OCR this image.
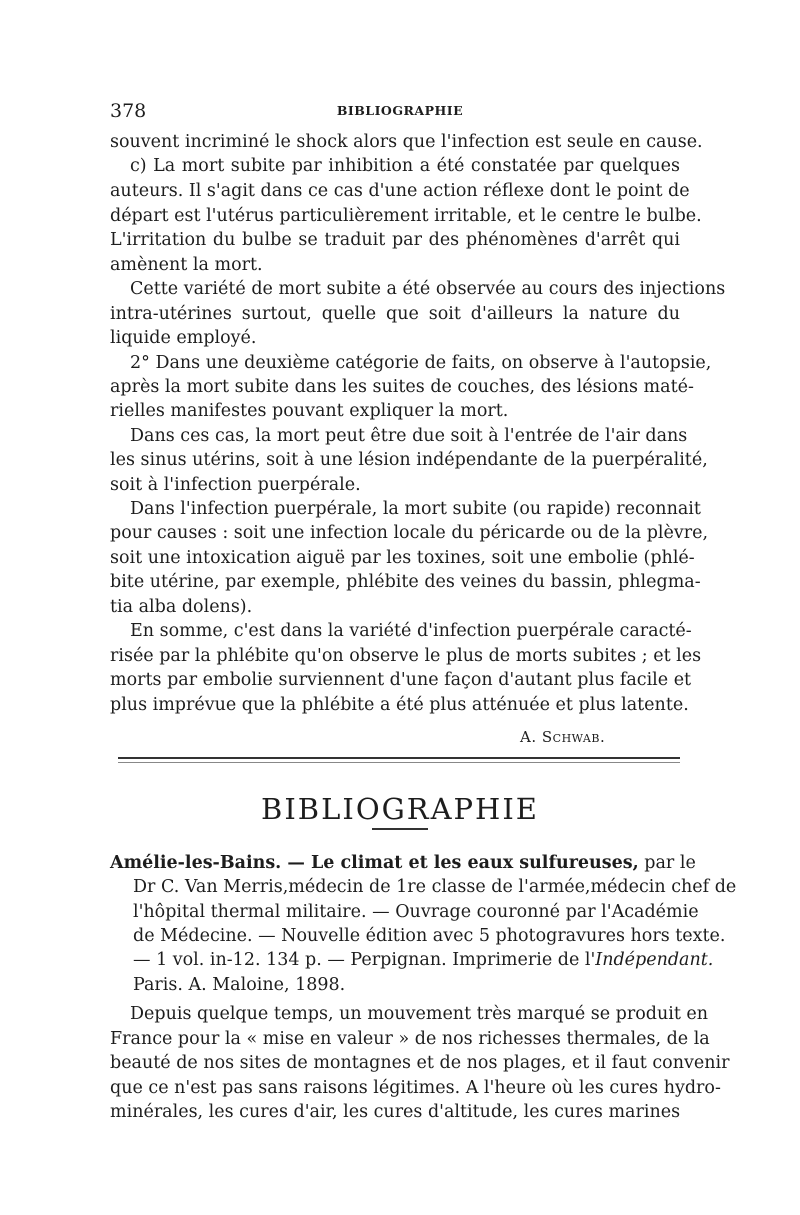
378	BIBLIOGRAPHIE
souvent incriminé le shock alors que l'infection est seule en cause.
c) La mort subite par inhibition a été constatée par quelques
auteurs. Il s'agit dans ce cas d'une action réflexe dont le point de
départ est l'utérus particulièrement irritable, et le centre le bulbe.
L'irritation du bulbe se traduit par des phénomènes d'arrêt qui
amènent la mort.
Cette variété de mort subite a été observée au cours des injections
intra-utérines surtout, quelle que soit d'ailleurs la nature du
liquide employé.
2° Dans une deuxième catégorie de faits, on observe à l'autopsie,
après la mort subite dans les suites de couches, des lésions maté-
rielles manifestes pouvant expliquer la mort.
Dans ces cas, la mort peut être due soit à l'entrée de l'air dans
les sinus utérins, soit à une lésion indépendante de la puerpéralité,
soit à l'infection puerpérale.
Dans l'infection puerpérale, la mort subite (ou rapide) reconnait
pour causes : soit une infection locale du péricarde ou de la plèvre,
soit une intoxication aiguë par les toxines, soit une embolie (phlé-
bite utérine, par exemple, phlébite des veines du bassin, phlegma-
tia alba dolens).
En somme, c'est dans la variété d'infection puerpérale caracté-
risée par la phlébite qu'on observe le plus de morts subites ; et les
morts par embolie surviennent d'une façon d'autant plus facile et
plus imprévue que la phlébite a été plus atténuée et plus latente.
A. Schwab.
BIBLIOGRAPHIE
Amélie-les-Bains. — Le climat et les eaux sulfureuses, par le
Dr C. Van Merris,médecin de 1re classe de l'armée,médecin chef de
l'hôpital thermal militaire. — Ouvrage couronné par l'Académie
de Médecine. — Nouvelle édition avec 5 photogravures hors texte.
— 1 vol. in-12. 134 p. — Perpignan. Imprimerie de l'Indépendant.
Paris. A. Maloine, 1898.
Depuis quelque temps, un mouvement très marqué se produit en
France pour la « mise en valeur » de nos richesses thermales, de la
beauté de nos sites de montagnes et de nos plages, et il faut convenir
que ce n'est pas sans raisons légitimes. A l'heure où les cures hydro-
minérales, les cures d'air, les cures d'altitude, les cures marines
